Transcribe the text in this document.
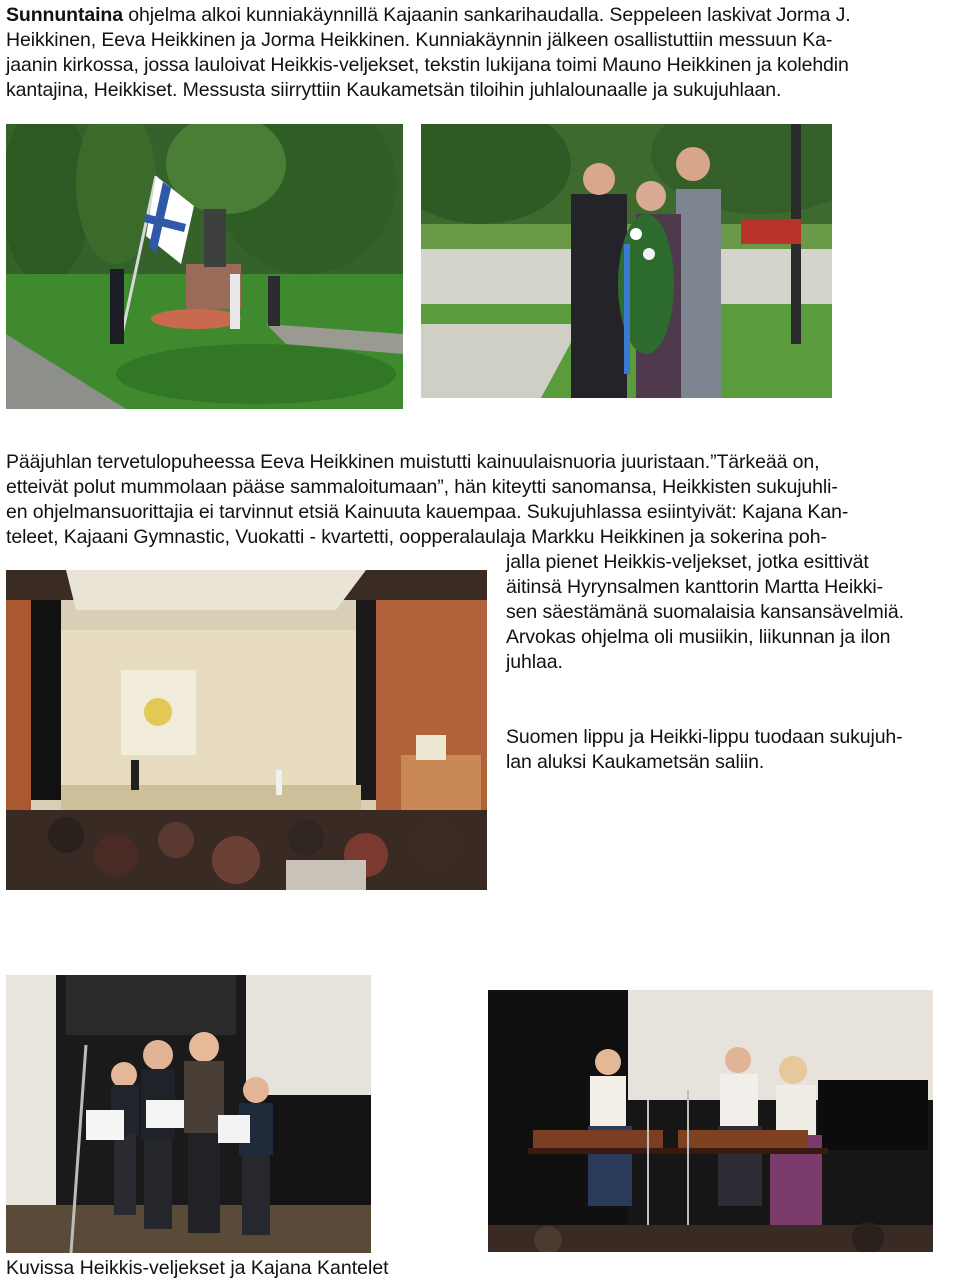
Sunnuntaina ohjelma alkoi kunniakäynnillä Kajaanin sankarihaudalla. Seppeleen laskivat Jorma J.

Heikkinen, Eeva Heikkinen ja Jorma Heikkinen. Kunniakäynnin jälkeen osallistuttiin messuun Ka-

jaanin kirkossa, jossa lauloivat Heikkis-veljekset, tekstin lukijana toimi Mauno Heikkinen ja kolehdin

kantajina, Heikkiset. Messusta siirryttiin Kaukametsän tiloihin juhlalounaalle ja sukujuhlaan.

Pääjuhlan tervetulopuheessa Eeva Heikkinen muistutti kainuulaisnuoria juuristaan.”Tärkeää on,

etteivät polut mummolaan pääse sammaloitumaan”, hän kiteytti sanomansa, Heikkisten sukujuhli-

en ohjelmansuorittajia ei tarvinnut etsiä Kainuuta kauempaa. Sukujuhlassa esiintyivät: Kajana Kan-

teleet, Kajaani Gymnastic, Vuokatti - kvartetti, oopperalaulaja Markku Heikkinen ja sokerina poh-

jalla pienet Heikkis-veljekset, jotka esittivät

äitinsä Hyrynsalmen kanttorin Martta Heikki-

sen säestämänä suomalaisia kansansävelmiä.

Arvokas ohjelma oli musiikin, liikunnan ja ilon

juhlaa.

Suomen lippu ja Heikki-lippu tuodaan sukujuh-

lan aluksi Kaukametsän saliin.

Kuvissa Heikkis-veljekset ja Kajana Kantelet
